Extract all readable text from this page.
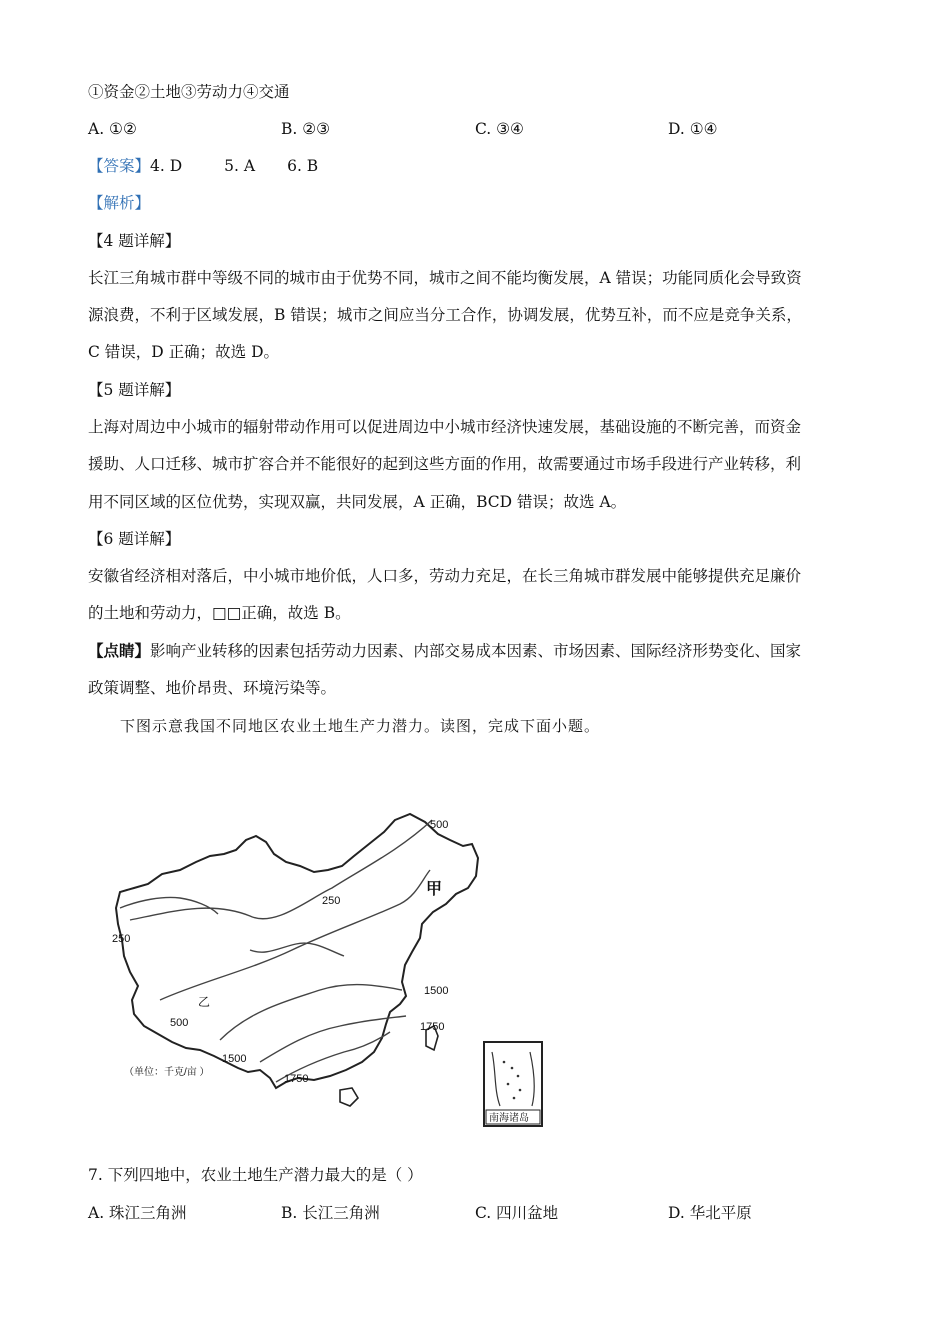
①资金②土地③劳动力④交通
A. ①②	B. ②③	C. ③④	D. ①④
【答案】4. D	5. A 6. B
【解析】
【4 题详解】
长江三角城市群中等级不同的城市由于优势不同，城市之间不能均衡发展，A 错误；功能同质化会导致资
源浪费，不利于区域发展，B 错误；城市之间应当分工合作，协调发展，优势互补，而不应是竞争关系，
C 错误，D 正确；故选 D。
【5 题详解】
上海对周边中小城市的辐射带动作用可以促进周边中小城市经济快速发展，基础设施的不断完善，而资金
援助、人口迁移、城市扩容合并不能很好的起到这些方面的作用，故需要通过市场手段进行产业转移，利
用不同区域的区位优势，实现双赢，共同发展，A 正确，BCD 错误；故选 A。
【6 题详解】
安徽省经济相对落后，中小城市地价低，人口多，劳动力充足，在长三角城市群发展中能够提供充足廉价
的土地和劳动力，□□正确，故选 B。
【点睛】影响产业转移的因素包括劳动力因素、内部交易成本因素、市场因素、国际经济形势变化、国家
政策调整、地价昂贵、环境污染等。
下图示意我国不同地区农业土地生产力潜力。读图，完成下面小题。
500
250
250
1500
1750
500
1500
1750
甲
乙
（单位：千克/亩 ）
南海诸岛
7. 下列四地中，农业土地生产潜力最大的是（ ）
A. 珠江三角洲	B. 长江三角洲	C. 四川盆地	D. 华北平原
